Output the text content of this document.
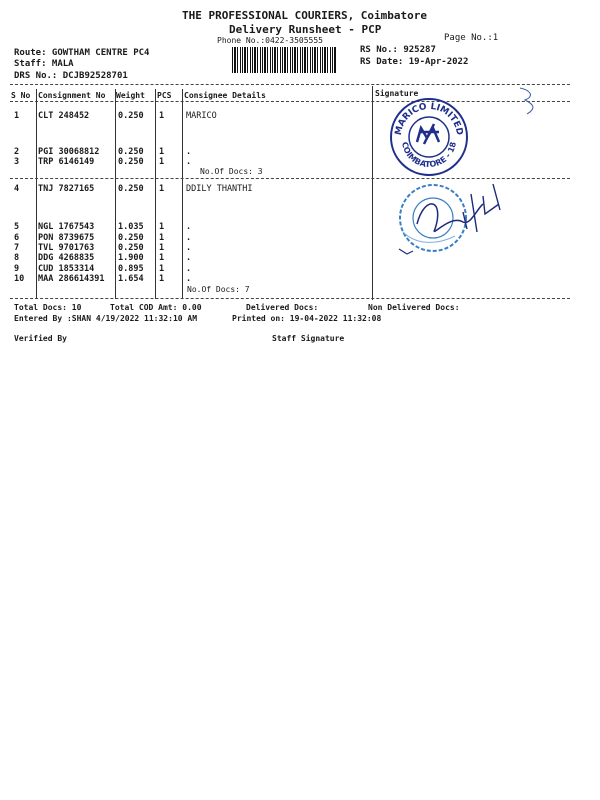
THE PROFESSIONAL COURIERS, Coimbatore
Delivery Runsheet - PCP
Phone No.:0422-3505555	Page No.:1
Route: GOWTHAM CENTRE PC4
Staff: MALA
DRS No.: DCJB92528701
RS No.: 925287
RS Date: 19-Apr-2022
S No Consignment No Weight PCS Consignee Details	Signature
1 CLT 248452	0.250 1	MARICO
2 PGI 30068812 0.250 1	.
3 TRP 6146149	0.250 1	.
No.Of Docs: 3
4 TNJ 7827165	0.250 1	DDILY THANTHI
5 NGL 1767543	1.035 1	.
6 PON 8739675	0.250 1	.
7 TVL 9701763	0.250 1	.
8 DDG 4268835	1.900 1	.
9 CUD 1853314	0.895 1	.
10 MAA 286614391 1.654 1	.
No.Of Docs: 7
Total Docs: 10	Total COD Amt: 0.00	Delivered Docs:	Non Delivered Docs:
Entered By :SHAN 4/19/2022 11:32:10 AM	Printed on: 19-04-2022 11:32:08
Verified By	Staff Signature
MARICO LIMITED
COIMBATORE - 18
